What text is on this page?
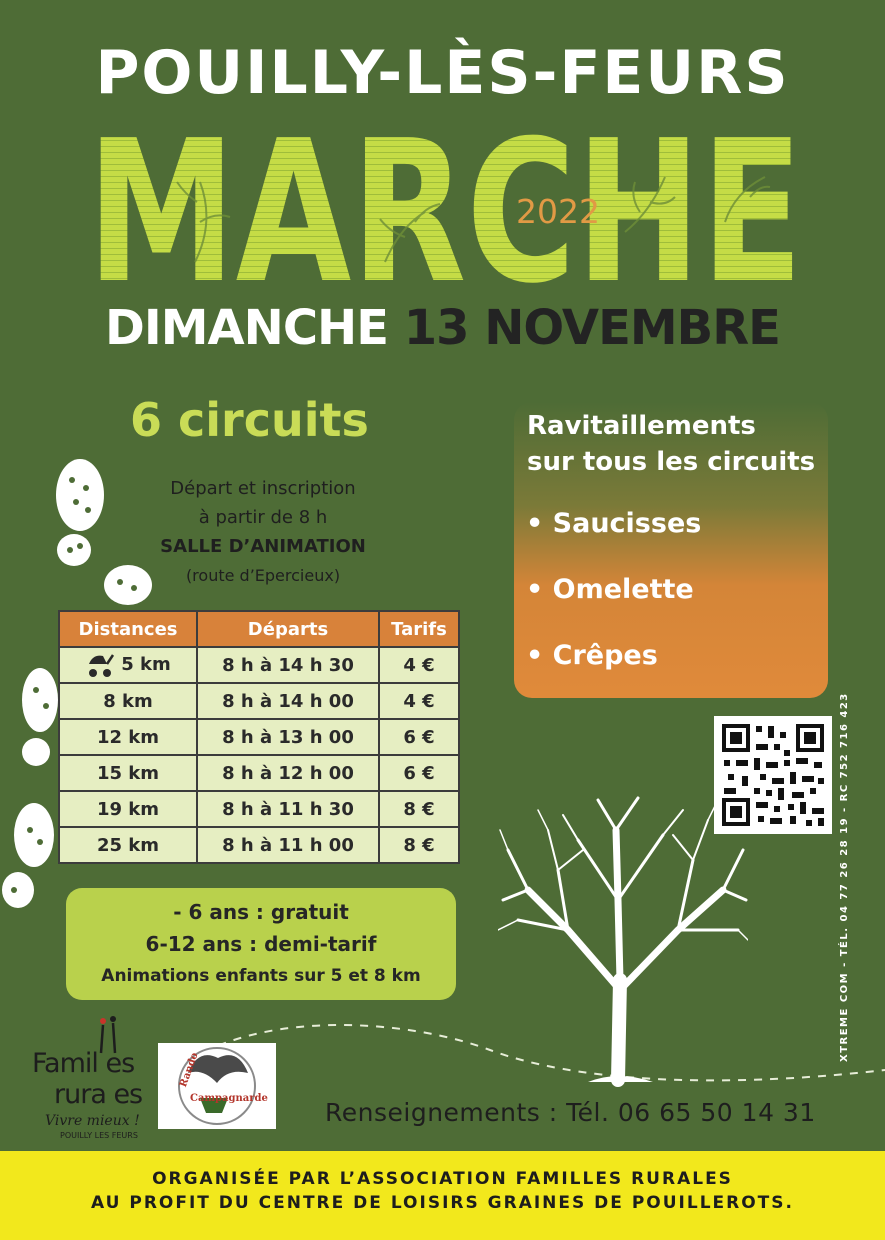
POUILLY-LÈS-FEURS
MARCHE
2022
DIMANCHE 13 NOVEMBRE
6 circuits
Départ et inscription
à partir de 8 h
SALLE D’ANIMATION
(route d’Epercieux)
Distances	Départs	Tarifs
5 km	8 h à 14 h 30	4 €
8 km	8 h à 14 h 00	4 €
12 km	8 h à 13 h 00	6 €
15 km	8 h à 12 h 00	6 €
19 km	8 h à 11 h 30	8 €
25 km	8 h à 11 h 00	8 €
Ravitaillements
sur tous les circuits
• Saucisses
• Omelette
• Crêpes
- 6 ans : gratuit
6-12 ans : demi-tarif
Animations enfants sur 5 et 8 km
Famil es
rura es
Vivre mieux !
POUILLY LES FEURS
Rando
Campagnarde Renseignements : Tél. 06 65 50 14 31
XTREME COM - TÉL. 04 77 26 28 19 - RC 752 716 423
ORGANISÉE PAR L’ASSOCIATION FAMILLES RURALES
AU PROFIT DU CENTRE DE LOISIRS GRAINES DE POUILLEROTS.
